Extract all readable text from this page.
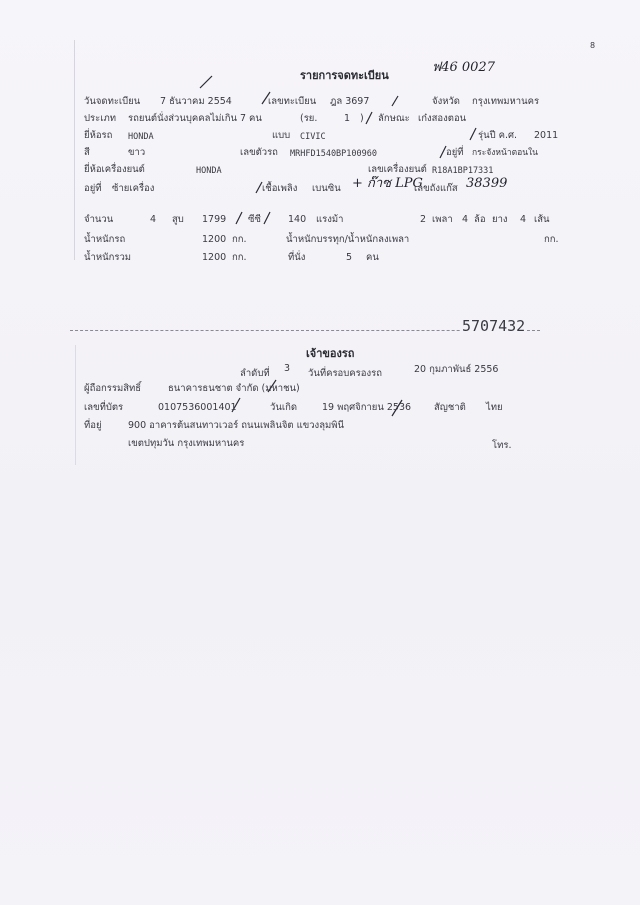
8
ฟ46 0027
รายการจดทะเบียน
วันจดทะเบียน 7 ธันวาคม 2554	เลขทะเบียน ฎล 3697	จังหวัด กรุงเทพมหานคร
ประเภท รถยนต์นั่งส่วนบุคคลไม่เกิน 7 คน	(รย.	1 ) ลักษณะ เก๋งสองตอน
ยี่ห้อรถ HONDA	แบบ CIVIC	รุ่นปี ค.ศ. 2011
สี	ขาว	เลขตัวรถ MRHFD1540BP100960	อยู่ที่ กระจังหน้าตอนใน
ยี่ห้อเครื่องยนต์	HONDA	เลขเครื่องยนต์ R18A1BP17331
อยู่ที่ ซ้ายเครื่อง	เชื้อเพลิง เบนซิน + ก๊าซ LPG
เลขถังแก๊ส 38399
จำนวน	4 สูบ 1799 ซีซี	140 แรงม้า	2 เพลา 4 ล้อ ยาง 4 เส้น
น้ำหนักรถ	1200 กก.	น้ำหนักบรรทุก/น้ำหนักลงเพลา	กก.
น้ำหนักรวม	1200 กก.	ที่นั่ง	5 คน
5707432
เจ้าของรถ
ลำดับที่ 3 วันที่ครอบครองรถ	20 กุมภาพันธ์ 2556
ผู้ถือกรรมสิทธิ์	ธนาคารธนชาต จำกัด (มหาชน)
เลขที่บัตร	0107536001401	วันเกิด	19 พฤศจิกายน 2536 สัญชาติ ไทย
ที่อยู่	900 อาคารต้นสนทาวเวอร์ ถนนเพลินจิต แขวงลุมพินี
เขตปทุมวัน กรุงเทพมหานคร	โทร.
